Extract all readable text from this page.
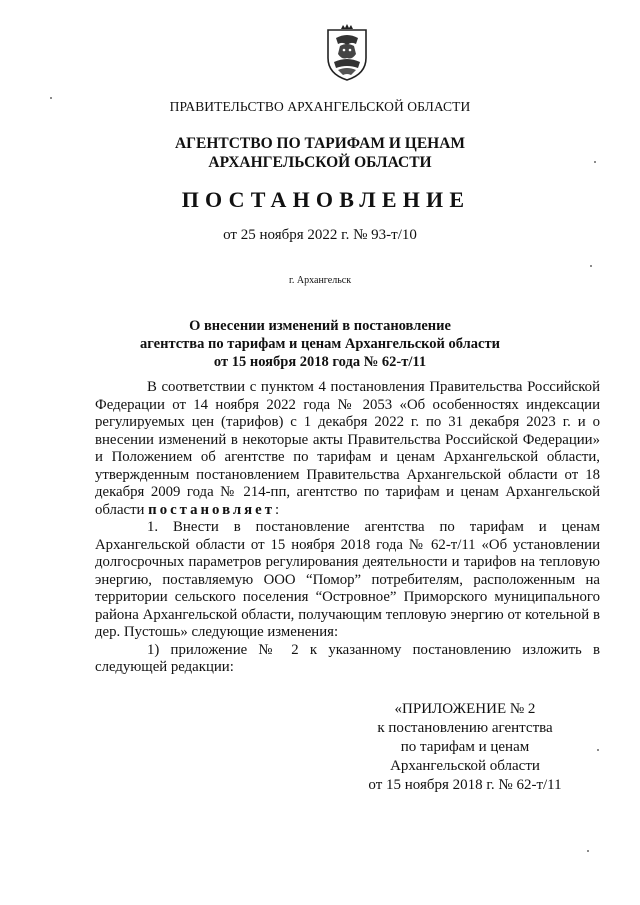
ПРАВИТЕЛЬСТВО АРХАНГЕЛЬСКОЙ ОБЛАСТИ
АГЕНТСТВО ПО ТАРИФАМ И ЦЕНАМ
АРХАНГЕЛЬСКОЙ ОБЛАСТИ
ПОСТАНОВЛЕНИЕ
от 25 ноября 2022 г. № 93-т/10
г. Архангельск
О внесении изменений в постановление
агентства по тарифам и ценам Архангельской области
от 15 ноября 2018 года № 62-т/11

В соответствии с пунктом 4 постановления Правительства Российской Федерации от 14 ноября 2022 года № 2053 «Об особенностях индексации регулируемых цен (тарифов) с 1 декабря 2022 г. по 31 декабря 2023 г. и о внесении изменений в некоторые акты Правительства Российской Федерации» и Положением об агентстве по тарифам и ценам Архангельской области, утвержденным постановлением Правительства Архангельской области от 18 декабря 2009 года № 214-пп, агентство по тарифам и ценам Архангельской области постановляет:

1. Внести в постановление агентства по тарифам и ценам Архангельской области от 15 ноября 2018 года № 62-т/11 «Об установлении долгосрочных параметров регулирования деятельности и тарифов на тепловую энергию, поставляемую ООО “Помор” потребителям, расположенным на территории сельского поселения “Островное” Приморского муниципального района Архангельской области, получающим тепловую энергию от котельной в дер. Пустошь» следующие изменения:

1) приложение № 2 к указанному постановлению изложить в следующей редакции:

«ПРИЛОЖЕНИЕ № 2
к постановлению агентства
по тарифам и ценам
Архангельской области
от 15 ноября 2018 г. № 62-т/11
